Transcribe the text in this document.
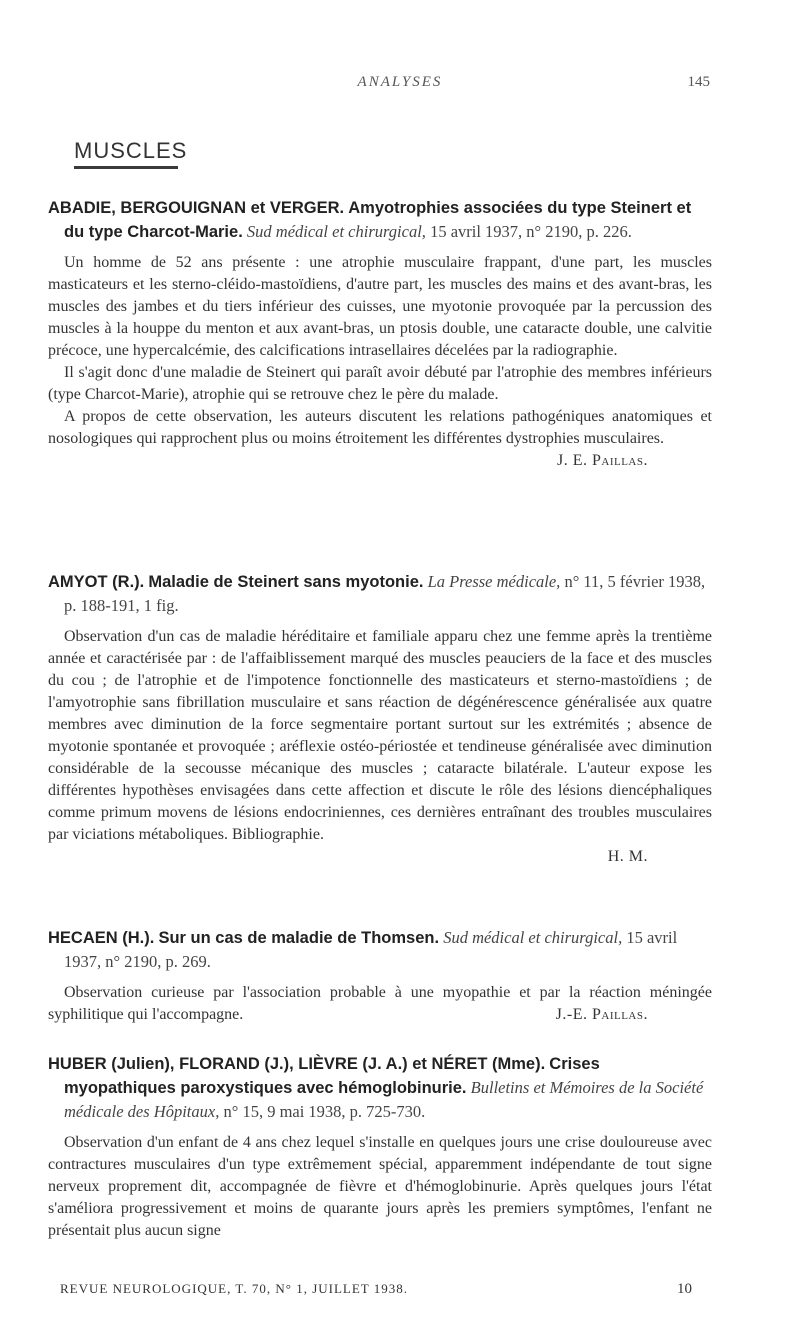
ANALYSES	145
MUSCLES

ABADIE, BERGOUIGNAN et VERGER. Amyotrophies associées du type Steinert et du type Charcot-Marie. Sud médical et chirurgical, 15 avril 1937, n° 2190, p. 226.

Un homme de 52 ans présente : une atrophie musculaire frappant, d'une part, les muscles masticateurs et les sterno-cléido-mastoïdiens, d'autre part, les muscles des mains et des avant-bras, les muscles des jambes et du tiers inférieur des cuisses, une myotonie provoquée par la percussion des muscles à la houppe du menton et aux avant-bras, un ptosis double, une cataracte double, une calvitie précoce, une hypercalcémie, des calcifications intrasellaires décelées par la radiographie.

Il s'agit donc d'une maladie de Steinert qui paraît avoir débuté par l'atrophie des membres inférieurs (type Charcot-Marie), atrophie qui se retrouve chez le père du malade.

A propos de cette observation, les auteurs discutent les relations pathogéniques anatomiques et nosologiques qui rapprochent plus ou moins étroitement les différentes dystrophies musculaires.
J. E. Paillas.

AMYOT (R.). Maladie de Steinert sans myotonie. La Presse médicale, n° 11, 5 février 1938, p. 188-191, 1 fig.

Observation d'un cas de maladie héréditaire et familiale apparu chez une femme après la trentième année et caractérisée par : de l'affaiblissement marqué des muscles peauciers de la face et des muscles du cou ; de l'atrophie et de l'impotence fonctionnelle des masticateurs et sterno-mastoïdiens ; de l'amyotrophie sans fibrillation musculaire et sans réaction de dégénérescence généralisée aux quatre membres avec diminution de la force segmentaire portant surtout sur les extrémités ; absence de myotonie spontanée et provoquée ; aréflexie ostéo-périostée et tendineuse généralisée avec diminution considérable de la secousse mécanique des muscles ; cataracte bilatérale. L'auteur expose les différentes hypothèses envisagées dans cette affection et discute le rôle des lésions diencéphaliques comme primum movens de lésions endocriniennes, ces dernières entraînant des troubles musculaires par viciations métaboliques. Bibliographie.

H. M.

HECAEN (H.). Sur un cas de maladie de Thomsen. Sud médical et chirurgical, 15 avril 1937, n° 2190, p. 269.

Observation curieuse par l'association probable à une myopathie et par la réaction méningée syphilitique qui l'accompagne.	J.-E. Paillas.

HUBER (Julien), FLORAND (J.), LIÈVRE (J. A.) et NÉRET (Mme). Crises myopathiques paroxystiques avec hémoglobinurie. Bulletins et Mémoires de la Société médicale des Hôpitaux, n° 15, 9 mai 1938, p. 725-730.

Observation d'un enfant de 4 ans chez lequel s'installe en quelques jours une crise douloureuse avec contractures musculaires d'un type extrêmement spécial, apparemment indépendante de tout signe nerveux proprement dit, accompagnée de fièvre et d'hémoglobinurie. Après quelques jours l'état s'améliora progressivement et moins de quarante jours après les premiers symptômes, l'enfant ne présentait plus aucun signe

REVUE NEUROLOGIQUE, T. 70, N° 1, JUILLET 1938.	10
